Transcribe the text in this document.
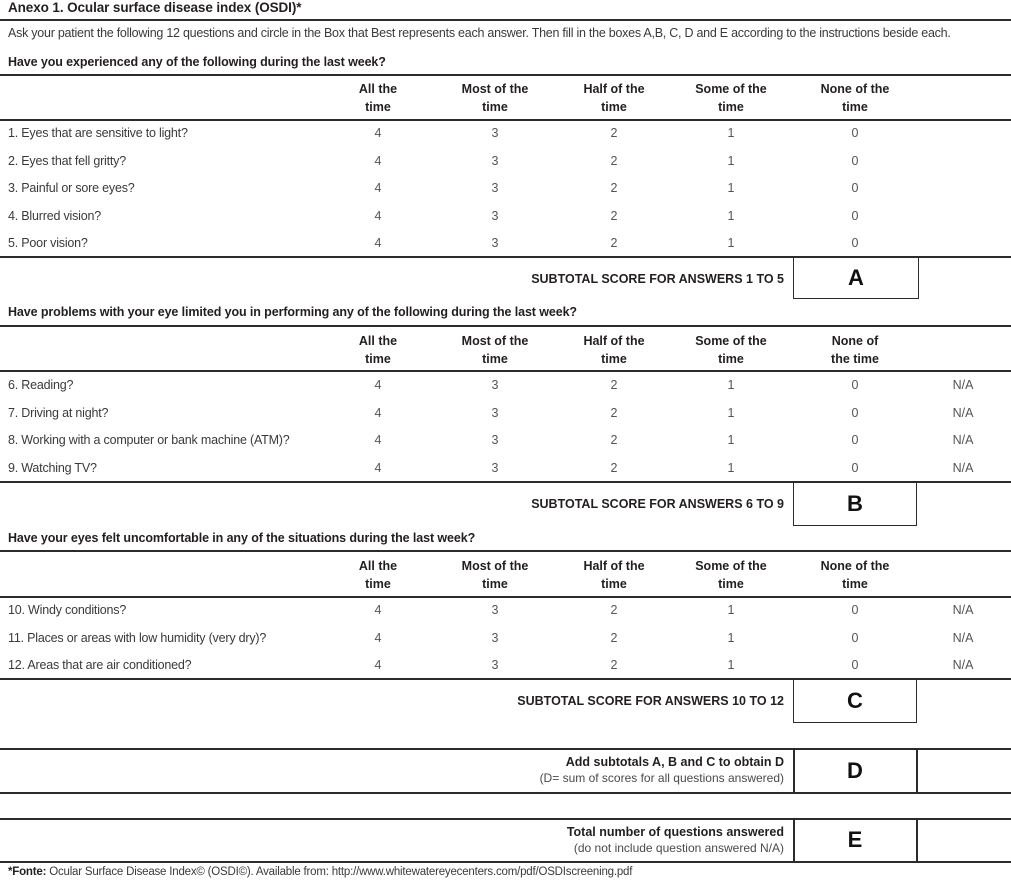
Anexo 1. Ocular surface disease index (OSDI)*
Ask your patient the following 12 questions and circle in the Box that Best represents each answer. Then fill in the boxes A,B, C, D and E according to the instructions beside each.
Have you experienced any of the following during the last week?
All the
time
Most of the
time
Half of the
time
Some of the
time
None of the
time
1. Eyes that are sensitive to light?	4	3	2	1	0
2. Eyes that fell gritty?	4	3	2	1	0
3. Painful or sore eyes?	4	3	2	1	0
4. Blurred vision?	4	3	2	1	0
5. Poor vision?	4	3	2	1	0
SUBTOTAL SCORE FOR ANSWERS 1 TO 5	A
Have problems with your eye limited you in performing any of the following during the last week?
All the
time
Most of the
time
Half of the
time
Some of the
time
None of
the time
6. Reading?	4	3	2	1	0	N/A
7. Driving at night?	4	3	2	1	0	N/A
8. Working with a computer or bank machine (ATM)?	4	3	2	1	0	N/A
9. Watching TV?	4	3	2	1	0	N/A
SUBTOTAL SCORE FOR ANSWERS 6 TO 9	B
Have your eyes felt uncomfortable in any of the situations during the last week?
All the
time
Most of the
time
Half of the
time
Some of the
time
None of the
time
10. Windy conditions?	4	3	2	1	0	N/A
11. Places or areas with low humidity (very dry)?	4	3	2	1	0	N/A
12. Areas that are air conditioned?	4	3	2	1	0	N/A
SUBTOTAL SCORE FOR ANSWERS 10 TO 12	C
Add subtotals A, B and C to obtain D
(D= sum of scores for all questions answered)	D
Total number of questions answered
(do not include question answered N/A)	E
*Fonte: Ocular Surface Disease Index© (OSDI©). Available from: http://www.whitewatereyecenters.com/pdf/OSDIscreening.pdf
